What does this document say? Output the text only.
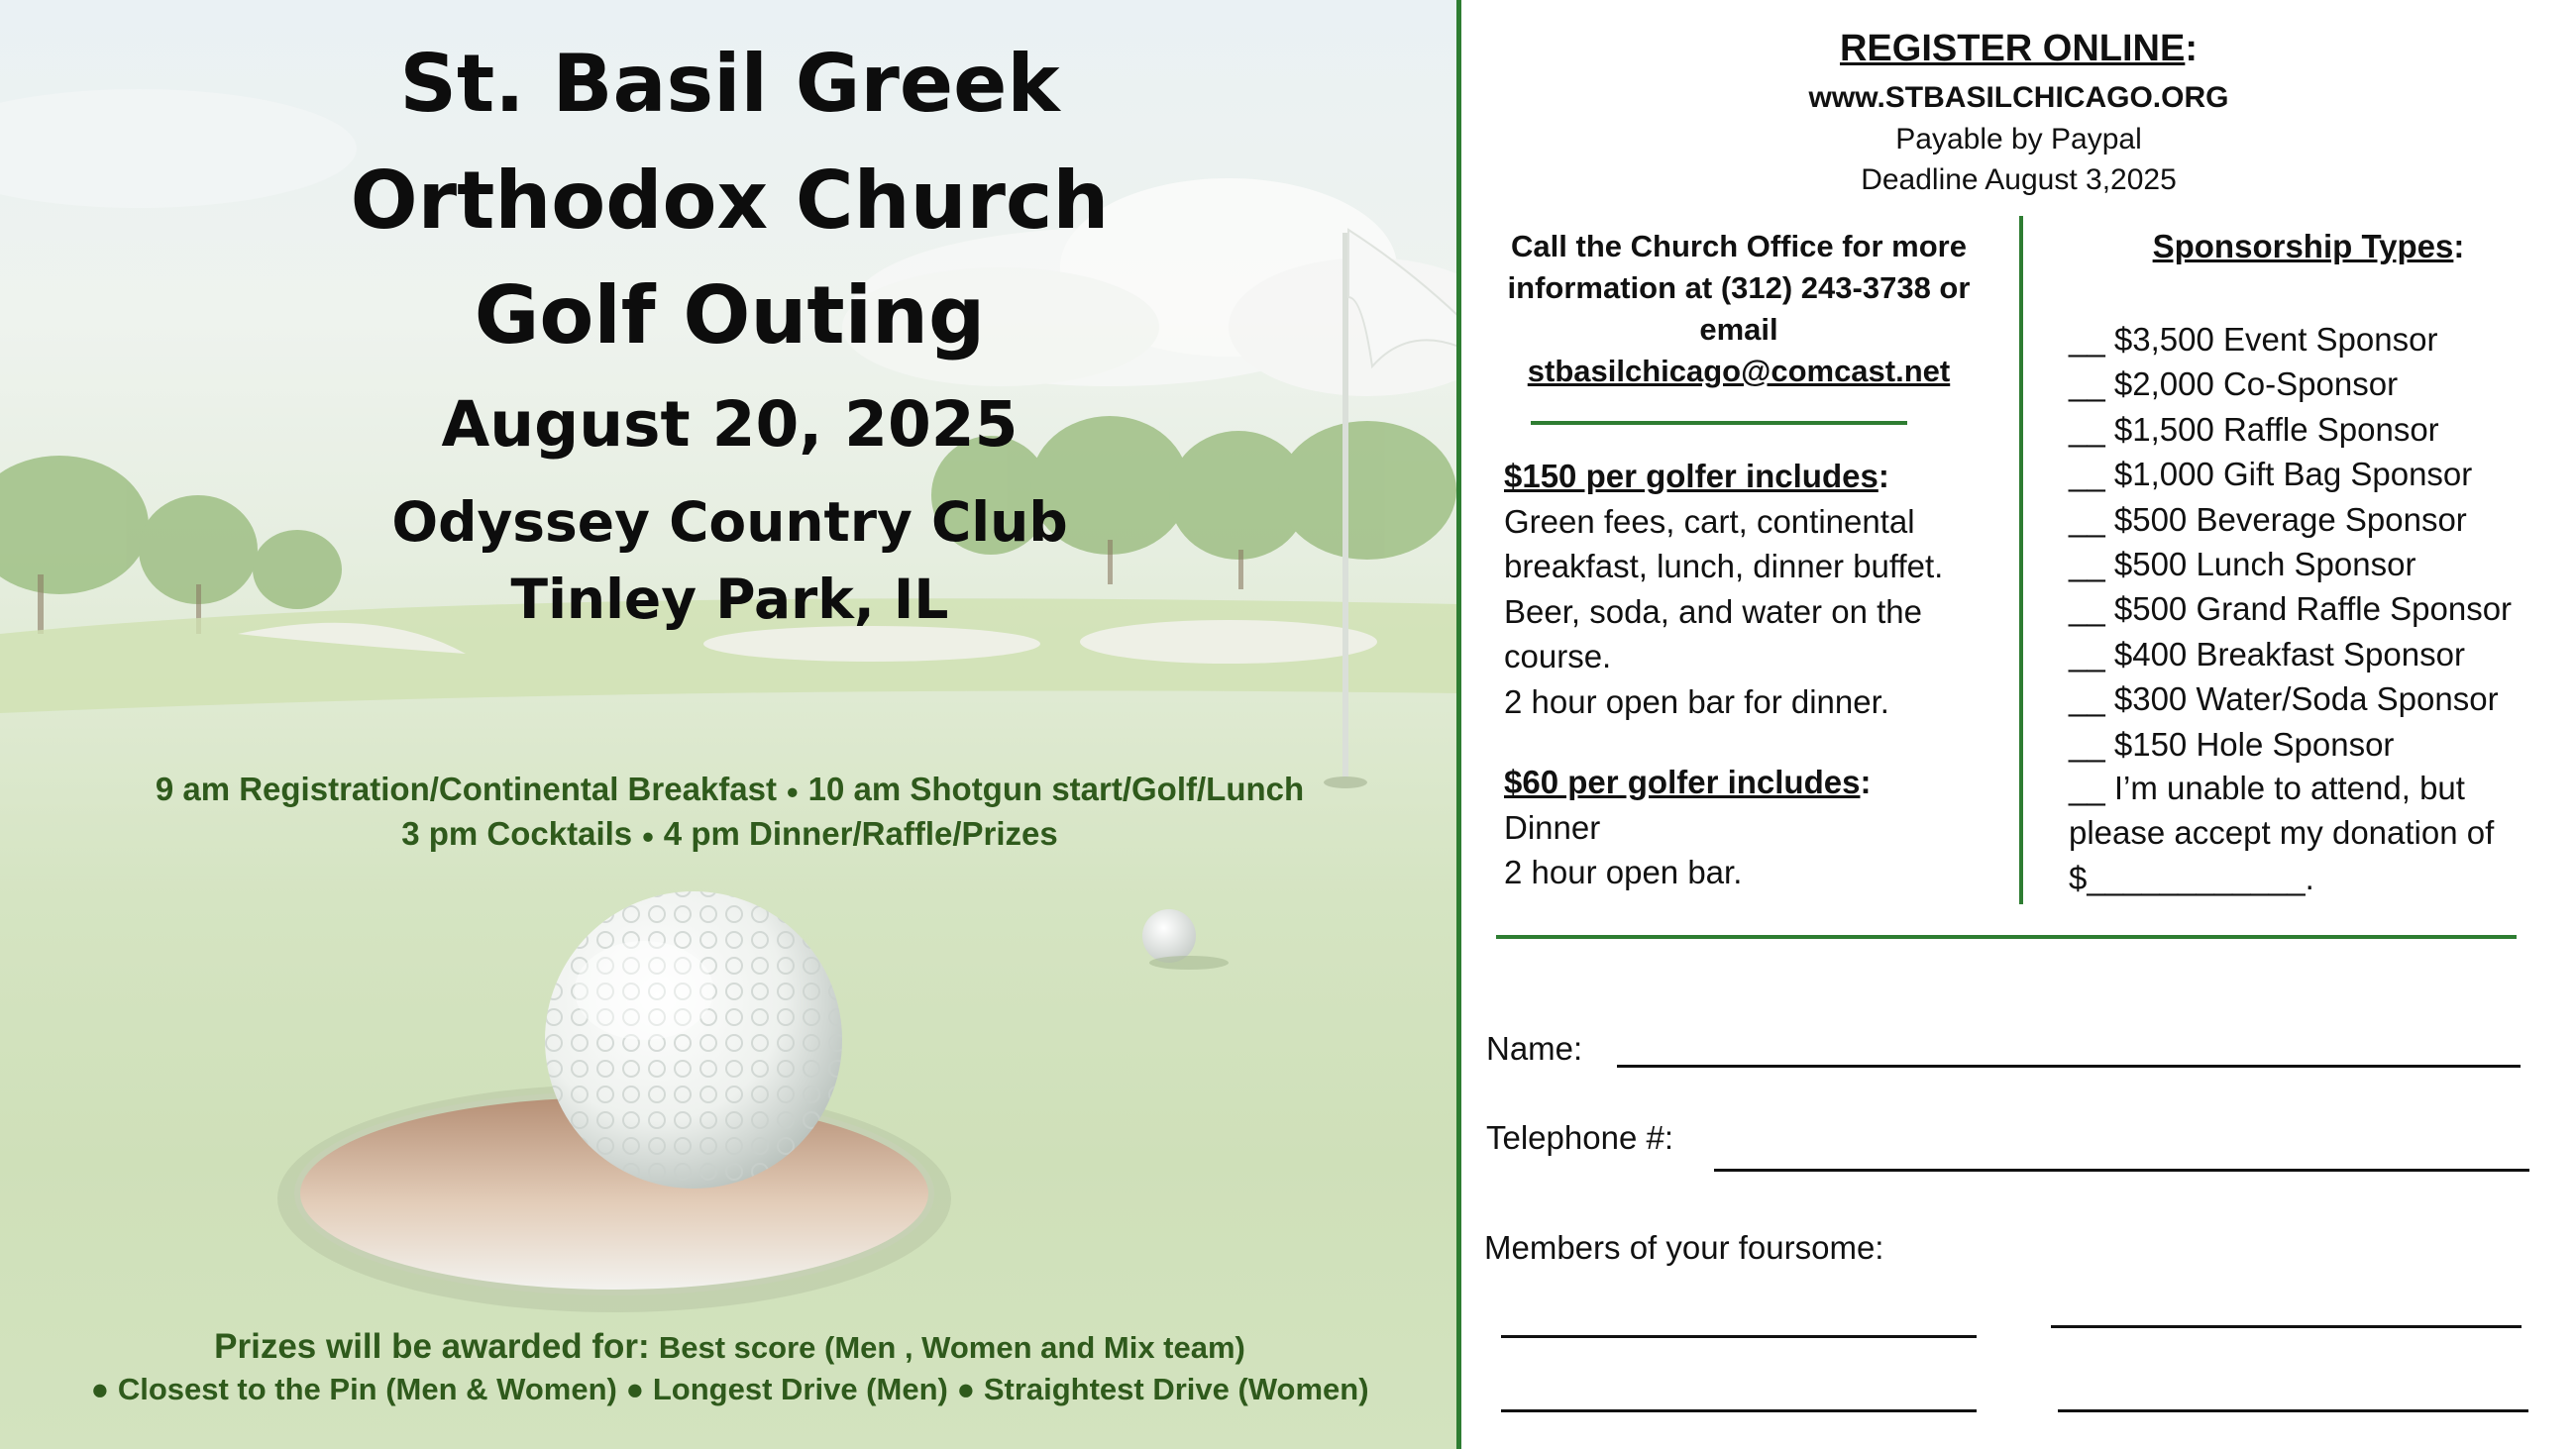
St. Basil Greek
Orthodox Church
Golf Outing
August 20, 2025
Odyssey Country Club
Tinley Park, IL
9 am Registration/Continental Breakfast ● 10 am Shotgun start/Golf/Lunch
3 pm Cocktails ● 4 pm Dinner/Raffle/Prizes
Prizes will be awarded for: Best score (Men , Women and Mix team)
● Closest to the Pin (Men & Women) ● Longest Drive (Men) ● Straightest Drive (Women)
REGISTER ONLINE:
www.STBASILCHICAGO.ORG
Payable by Paypal
Deadline August 3,2025
Call the Church Office for more information at (312) 243-3738 or email
stbasilchicago@comcast.net
$150 per golfer includes:
Green fees, cart, continental
breakfast, lunch, dinner buffet.
Beer, soda, and water on the
course.
2 hour open bar for dinner.
$60 per golfer includes:
Dinner
2 hour open bar.
Sponsorship Types:
__ $3,500 Event Sponsor
__ $2,000 Co-Sponsor
__ $1,500 Raffle Sponsor
__ $1,000 Gift Bag Sponsor
__ $500 Beverage Sponsor
__ $500 Lunch Sponsor
__ $500 Grand Raffle Sponsor
__ $400 Breakfast Sponsor
__ $300 Water/Soda Sponsor
__ $150 Hole Sponsor
__ I’m unable to attend, but please accept my donation of $____________.
Name:
Telephone #:
Members of your foursome:
